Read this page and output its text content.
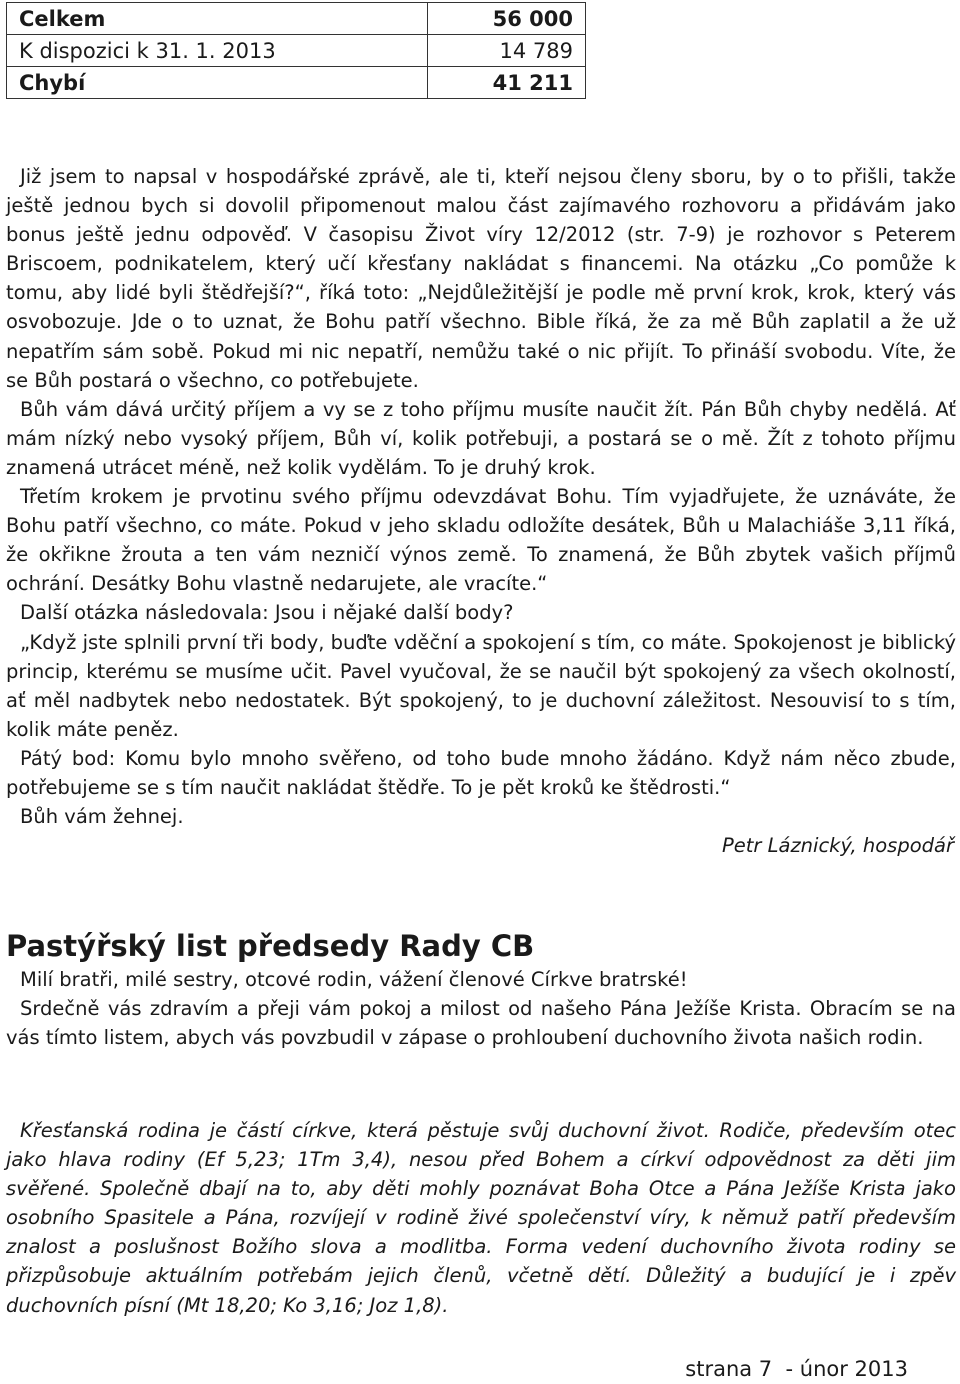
Celkem	56 000
K dispozici k 31. 1. 2013	14 789
Chybí	41 211

Již jsem to napsal v hospodářské zprávě, ale ti, kteří nejsou členy sboru, by o to přišli, takže ještě jednou bych si dovolil připomenout malou část zajímavého rozhovoru a přidávám jako bonus ještě jednu odpověď. V časopisu Život víry 12/2012 (str. 7-9) je rozhovor s Peterem Briscoem, podnikatelem, který učí křesťany nakládat s financemi. Na otázku „Co pomůže k tomu, aby lidé byli štědřejší?“, říká toto: „Nejdůležitější je podle mě první krok, krok, který vás osvobozuje. Jde o to uznat, že Bohu patří všechno. Bible říká, že za mě Bůh zaplatil a že už nepatřím sám sobě. Pokud mi nic nepatří, nemůžu také o nic přijít. To přináší svobodu. Víte, že se Bůh postará o všechno, co potřebujete.

Bůh vám dává určitý příjem a vy se z toho příjmu musíte naučit žít. Pán Bůh chyby nedělá. Ať mám nízký nebo vysoký příjem, Bůh ví, kolik potřebuji, a postará se o mě. Žít z tohoto příjmu znamená utrácet méně, než kolik vydělám. To je druhý krok.

Třetím krokem je prvotinu svého příjmu odevzdávat Bohu. Tím vyjadřujete, že uznáváte, že Bohu patří všechno, co máte. Pokud v jeho skladu odložíte desátek, Bůh u Malachiáše 3,11 říká, že okřikne žrouta a ten vám nezničí výnos země. To znamená, že Bůh zbytek vašich příjmů ochrání. Desátky Bohu vlastně nedarujete, ale vracíte.“

Další otázka následovala: Jsou i nějaké další body?

„Když jste splnili první tři body, buďte vděční a spokojení s tím, co máte. Spokojenost je biblický princip, kterému se musíme učit. Pavel vyučoval, že se naučil být spokojený za všech okolností, ať měl nadbytek nebo nedostatek. Být spokojený, to je duchovní záležitost. Nesouvisí to s tím, kolik máte peněz.

Pátý bod: Komu bylo mnoho svěřeno, od toho bude mnoho žádáno. Když nám něco zbude, potřebujeme se s tím naučit nakládat štědře. To je pět kroků ke štědrosti.“

Bůh vám žehnej.

Petr Láznický, hospodář

Pastýřský list předsedy Rady CB

Milí bratři, milé sestry, otcové rodin, vážení členové Církve bratrské!

Srdečně vás zdravím a přeji vám pokoj a milost od našeho Pána Ježíše Krista. Obracím se na vás tímto listem, abych vás povzbudil v zápase o prohloubení duchovního života našich rodin.

Křesťanská rodina je částí církve, která pěstuje svůj duchovní život. Rodiče, především otec jako hlava rodiny (Ef 5,23; 1Tm 3,4), nesou před Bohem a církví odpovědnost za děti jim svěřené. Společně dbají na to, aby děti mohly poznávat Boha Otce a Pána Ježíše Krista jako osobního Spasitele a Pána, rozvíjejí v rodině živé společenství víry, k němuž patří především znalost a poslušnost Božího slova a modlitba. Forma vedení duchovního života rodiny se přizpůsobuje aktuálním potřebám jejich členů, včetně dětí. Důležitý a budující je i zpěv duchovních písní (Mt 18,20; Ko 3,16; Joz 1,8).

strana 7  - únor 2013
